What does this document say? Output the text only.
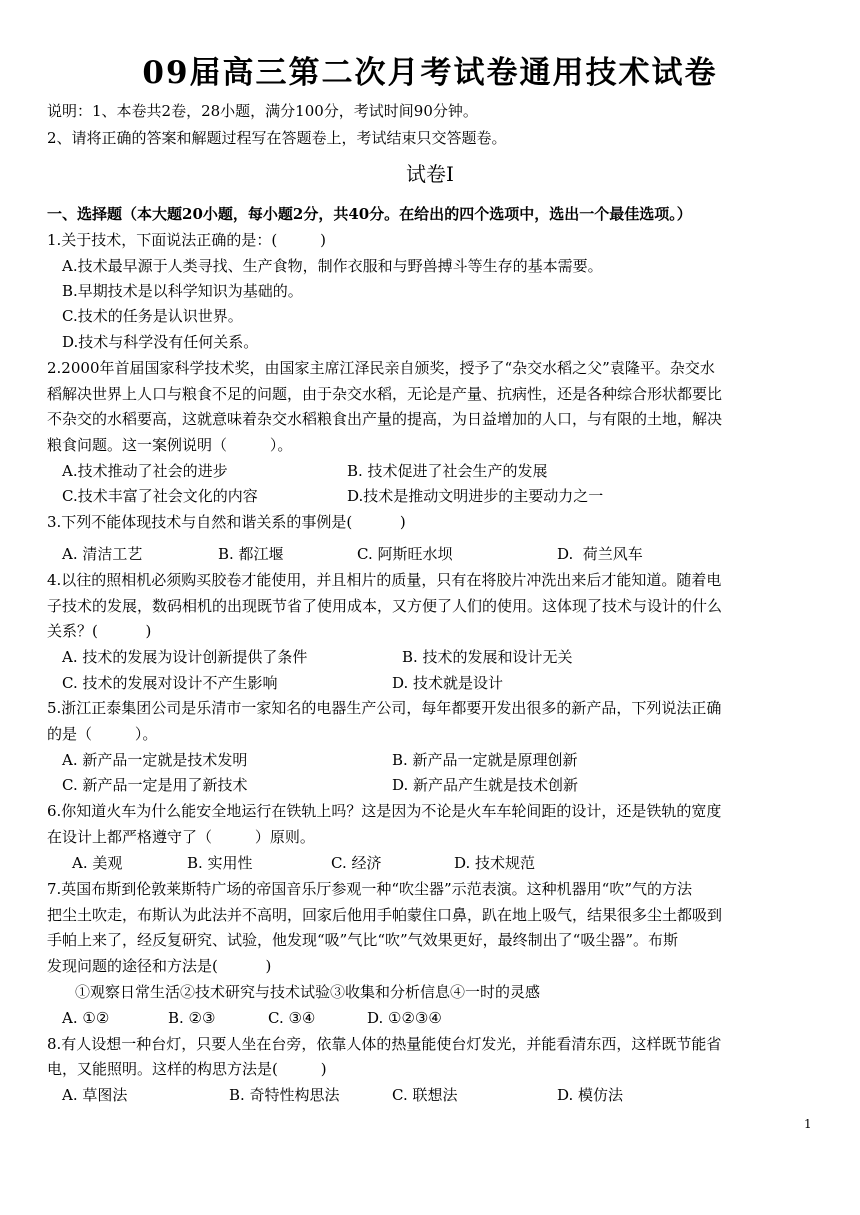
09届高三第二次月考试卷通用技术试卷
说明：1、本卷共2卷，28小题，满分100分，考试时间90分钟。
2、请将正确的答案和解题过程写在答题卷上，考试结束只交答题卷。
试卷Ⅰ
一、选择题（本大题20小题，每小题2分，共40分。在给出的四个选项中，选出一个最佳选项。）
1.关于技术，下面说法正确的是：(         )
A.技术最早源于人类寻找、生产食物，制作衣服和与野兽搏斗等生存的基本需要。
B.早期技术是以科学知识为基础的。
C.技术的任务是认识世界。
D.技术与科学没有任何关系。
2.2000年首届国家科学技术奖，由国家主席江泽民亲自颁奖，授予了“杂交水稻之父”袁隆平。杂交水
稻解决世界上人口与粮食不足的问题，由于杂交水稻，无论是产量、抗病性，还是各种综合形状都要比
不杂交的水稻要高，这就意味着杂交水稻粮食出产量的提高，为日益增加的人口，与有限的土地，解决
粮食问题。这一案例说明（         ）。
A.技术推动了社会的进步	B. 技术促进了社会生产的发展
C.技术丰富了社会文化的内容	D.技术是推动文明进步的主要动力之一
3.下列不能体现技术与自然和谐关系的事例是(          )
A. 清洁工艺	B. 都江堰	C. 阿斯旺水坝	D.  荷兰风车
4.以往的照相机必须购买胶卷才能使用，并且相片的质量，只有在将胶片冲洗出来后才能知道。随着电
子技术的发展，数码相机的出现既节省了使用成本，又方便了人们的使用。这体现了技术与设计的什么
关系？(          )
A. 技术的发展为设计创新提供了条件	B. 技术的发展和设计无关
C. 技术的发展对设计不产生影响	D. 技术就是设计
5.浙江正泰集团公司是乐清市一家知名的电器生产公司，每年都要开发出很多的新产品，下列说法正确
的是（         ）。
A. 新产品一定就是技术发明	B. 新产品一定就是原理创新
C. 新产品一定是用了新技术	D. 新产品产生就是技术创新
6.你知道火车为什么能安全地运行在铁轨上吗？这是因为不论是火车车轮间距的设计，还是铁轨的宽度
在设计上都严格遵守了（         ）原则。
A. 美观	B. 实用性	C. 经济	D. 技术规范
7.英国布斯到伦敦莱斯特广场的帝国音乐厅参观一种“吹尘器”示范表演。这种机器用“吹”气的方法
把尘土吹走，布斯认为此法并不高明，回家后他用手帕蒙住口鼻，趴在地上吸气，结果很多尘土都吸到
手帕上来了，经反复研究、试验，他发现“吸”气比“吹”气效果更好，最终制出了“吸尘器”。布斯
发现问题的途径和方法是(          )
①观察日常生活②技术研究与技术试验③收集和分析信息④一时的灵感
A. ①②	B. ②③	C. ③④	D. ①②③④
8.有人设想一种台灯，只要人坐在台旁，依靠人体的热量能使台灯发光，并能看清东西，这样既节能省
电，又能照明。这样的构思方法是(         )
A. 草图法	B. 奇特性构思法	C. 联想法	D. 模仿法
1
